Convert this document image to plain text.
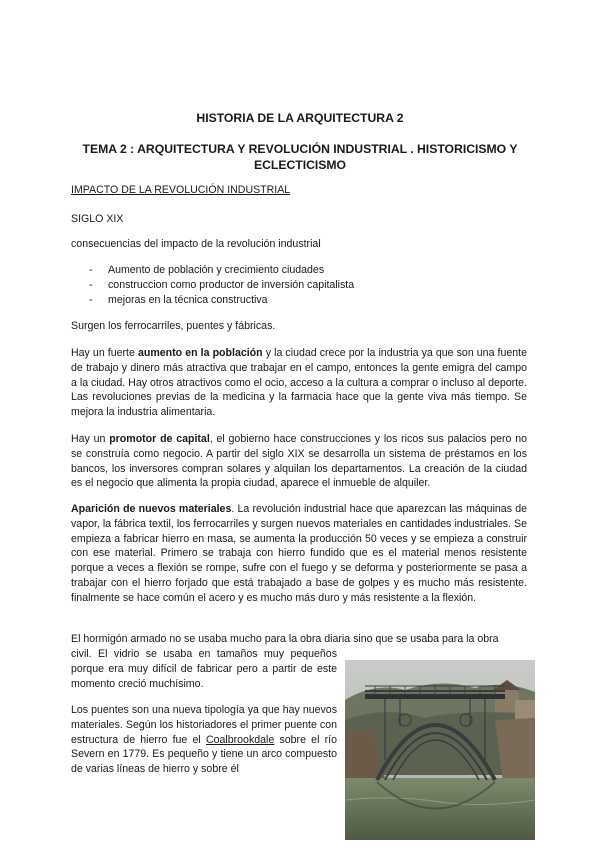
HISTORIA DE LA ARQUITECTURA 2
TEMA 2 : ARQUITECTURA Y REVOLUCIÓN INDUSTRIAL . HISTORICISMO Y
ECLECTICISMO
IMPACTO DE LA REVOLUCIÓN INDUSTRIAL
SIGLO XIX
consecuencias del impacto de la revolución industrial
- Aumento de población y crecimiento ciudades
- construccion como productor de inversión capitalista
- mejoras en la técnica constructiva
Surgen los ferrocarriles, puentes y fábricas.

Hay un fuerte aumento en la población y la ciudad crece por la industria ya que son una fuente de trabajo y dinero más atractiva que trabajar en el campo, entonces la gente emigra del campo a la ciudad. Hay otros atractivos como el ocio, acceso a la cultura a comprar o incluso al deporte. Las revoluciones previas de la medicina y la farmacia hace que la gente viva más tiempo. Se mejora la industria alimentaria.

Hay un promotor de capital, el gobierno hace construcciones y los ricos sus palacios pero no se construía como negocio. A partir del siglo XIX se desarrolla un sistema de préstamos en los bancos, los inversores compran solares y alquilan los departamentos. La creación de la ciudad es el negocio que alimenta la propia ciudad, aparece el inmueble de alquiler.

Aparición de nuevos materiales. La revolución industrial hace que aparezcan las máquinas de vapor, la fábrica textil, los ferrocarriles y surgen nuevos materiales en cantidades industriales. Se empieza a fabricar hierro en masa, se aumenta la producción 50 veces y se empieza a construir con ese material. Primero se trabaja con hierro fundido que es el material menos resistente porque a veces a flexión se rompe, sufre con el fuego y se deforma y posteriormente se pasa a trabajar con el hierro forjado que está trabajado a base de golpes y es mucho más resistente. finalmente se hace común el acero y es mucho más duro y más resistente a la flexión.

El hormigón armado no se usaba mucho para la obra diaria sino que se usaba para la obra

civil. El vidrio se usaba en tamaños muy pequeños porque era muy difícil de fabricar pero a partir de este momento creció muchísimo.

Los puentes son una nueva tipología ya que hay nuevos materiales. Según los historiadores el primer puente con estructura de hierro fue el Coalbrookdale sobre el río Severn en 1779. Es pequeño y tiene un arco compuesto de varias líneas de hierro y sobre él
